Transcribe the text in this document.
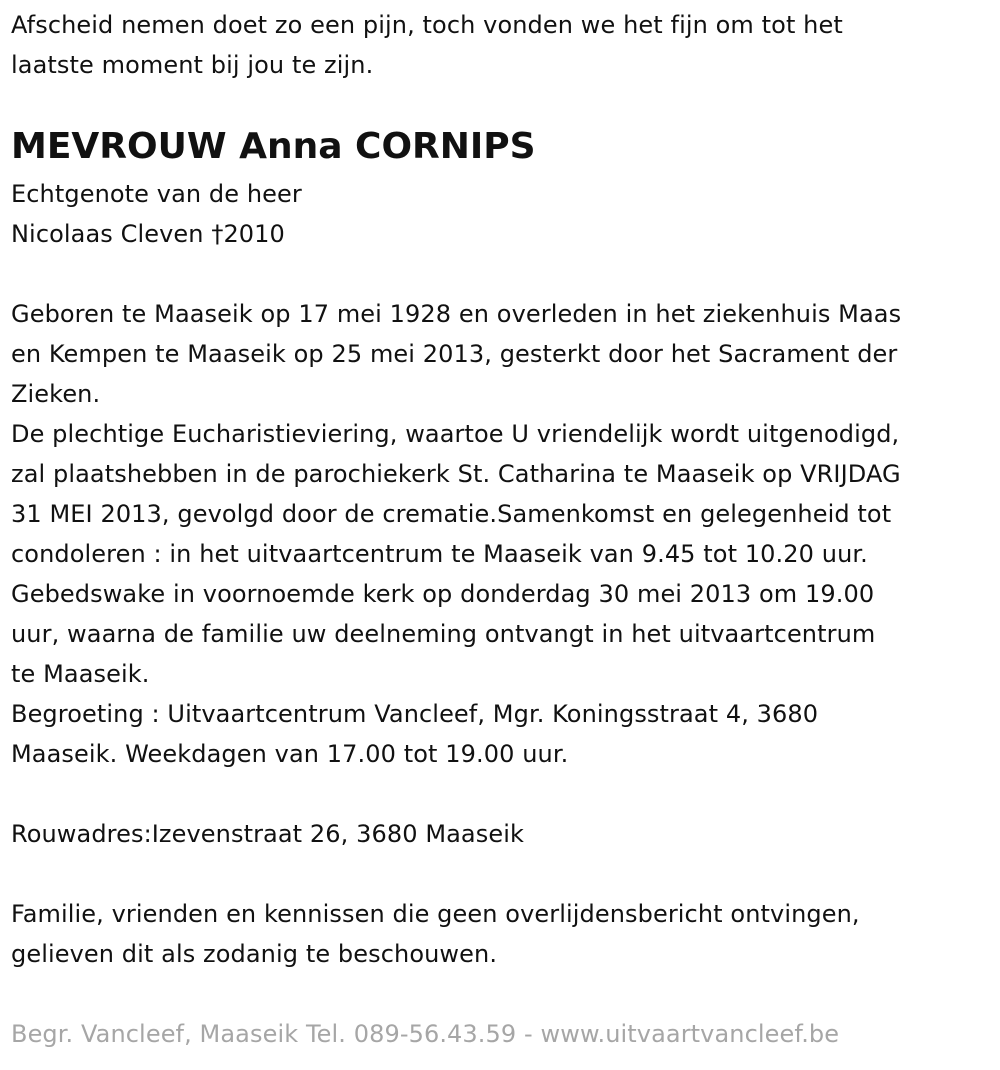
Afscheid nemen doet zo een pijn, toch vonden we het fijn om tot het
laatste moment bij jou te zijn.
MEVROUW Anna CORNIPS
Echtgenote van de heer
Nicolaas Cleven †2010
Geboren te Maaseik op 17 mei 1928 en overleden in het ziekenhuis Maas
en Kempen te Maaseik op 25 mei 2013, gesterkt door het Sacrament der
Zieken.
De plechtige Eucharistieviering, waartoe U vriendelijk wordt uitgenodigd,
zal plaatshebben in de parochiekerk St. Catharina te Maaseik op VRIJDAG
31 MEI 2013, gevolgd door de crematie.Samenkomst en gelegenheid tot
condoleren : in het uitvaartcentrum te Maaseik van 9.45 tot 10.20 uur.
Gebedswake in voornoemde kerk op donderdag 30 mei 2013 om 19.00
uur, waarna de familie uw deelneming ontvangt in het uitvaartcentrum
te Maaseik.
Begroeting : Uitvaartcentrum Vancleef, Mgr. Koningsstraat 4, 3680
Maaseik. Weekdagen van 17.00 tot 19.00 uur.
Rouwadres:Izevenstraat 26, 3680 Maaseik
Familie, vrienden en kennissen die geen overlijdensbericht ontvingen,
gelieven dit als zodanig te beschouwen.
Begr. Vancleef, Maaseik Tel. 089-56.43.59 - www.uitvaartvancleef.be
